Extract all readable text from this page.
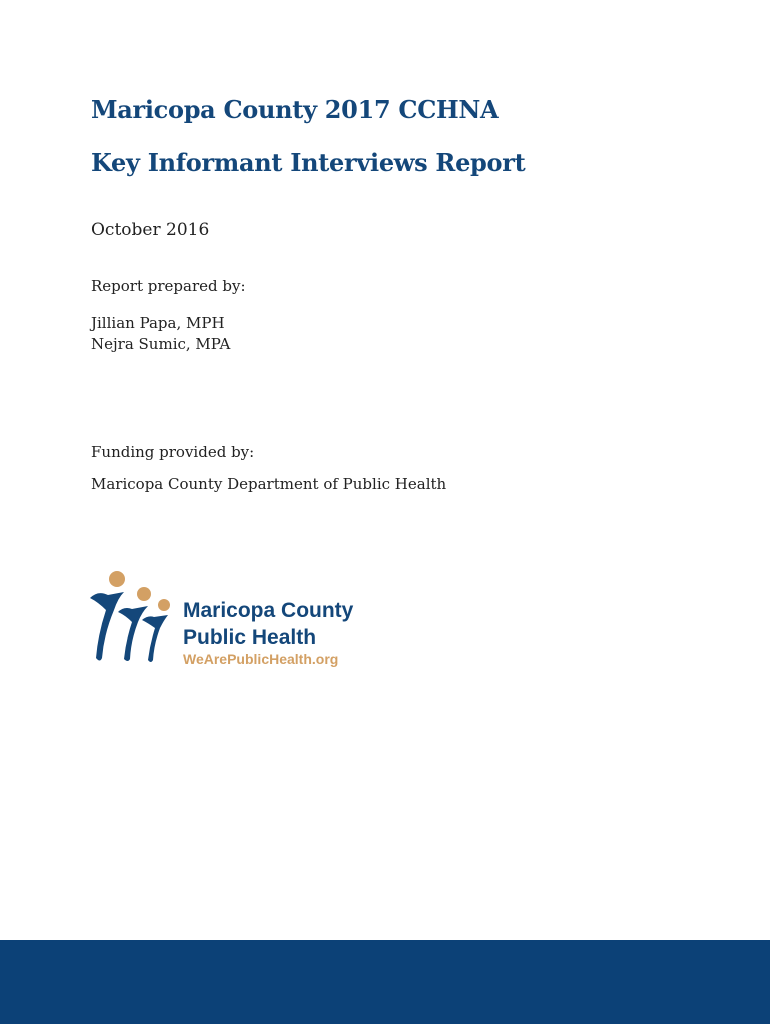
Maricopa County 2017 CCHNA
Key Informant Interviews Report

October 2016

Report prepared by:

Jillian Papa, MPH

Nejra Sumic, MPA

Funding provided by:

Maricopa County Department of Public Health

Maricopa County

Public Health

WeArePublicHealth.org
